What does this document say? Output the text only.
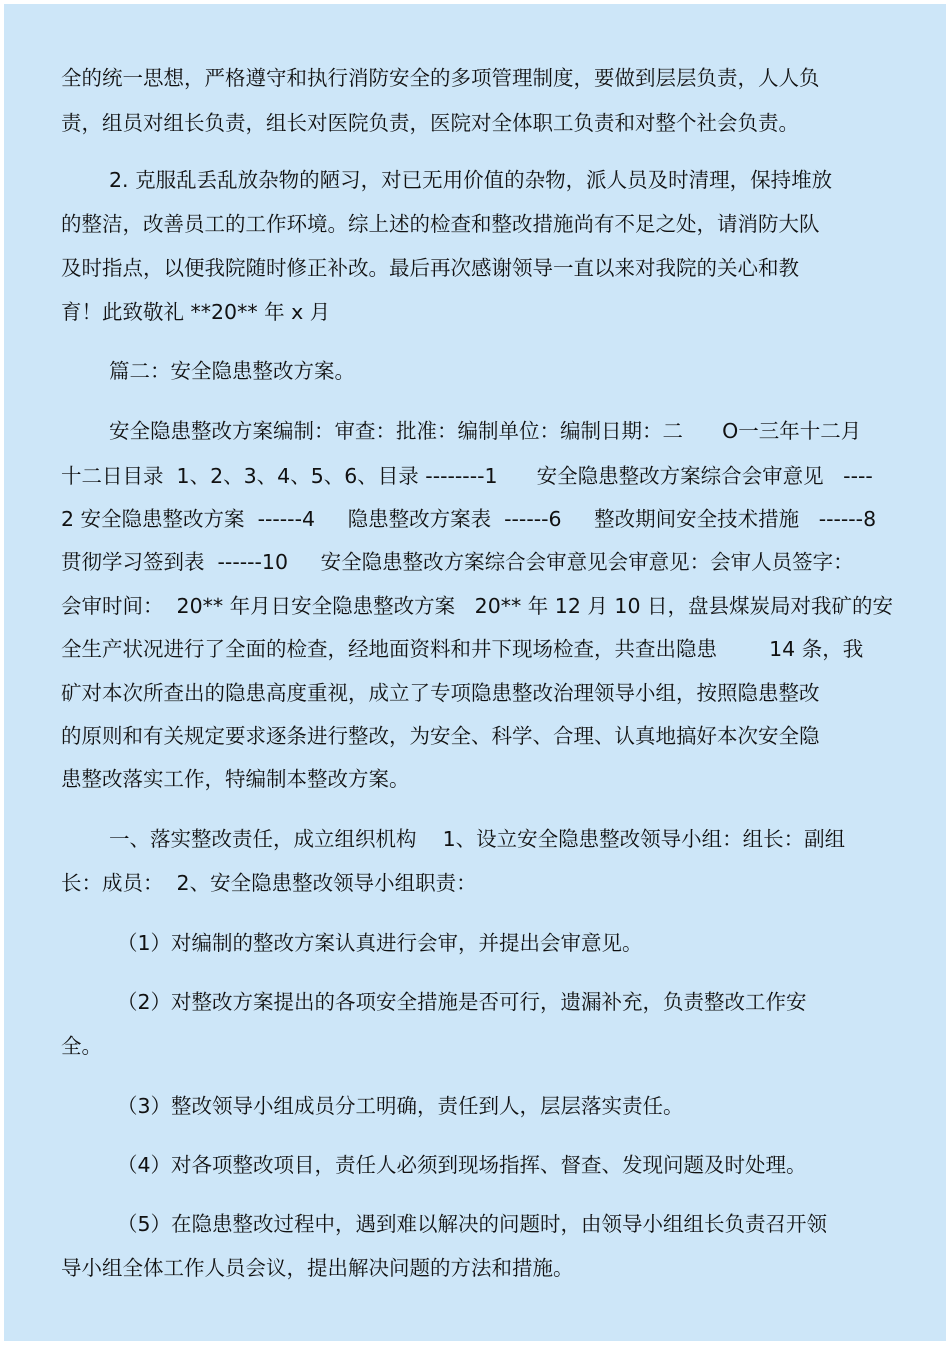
全的统一思想，严格遵守和执行消防安全的多项管理制度，要做到层层负责，人人负

责，组员对组长负责，组长对医院负责，医院对全体职工负责和对整个社会负责。

2. 克服乱丢乱放杂物的陋习，对已无用价值的杂物，派人员及时清理，保持堆放

的整洁，改善员工的工作环境。综上述的检查和整改措施尚有不足之处，请消防大队

及时指点，以便我院随时修正补改。最后再次感谢领导一直以来对我院的关心和教

育！此致敬礼 **20** 年 x 月

篇二：安全隐患整改方案。

安全隐患整改方案编制：审查：批准：编制单位：编制日期：二      O一三年十二月

十二日目录  1、2、3、4、5、6、目录 --------1      安全隐患整改方案综合会审意见   ----

2 安全隐患整改方案  ------4     隐患整改方案表  ------6     整改期间安全技术措施   ------8

贯彻学习签到表  ------10     安全隐患整改方案综合会审意见会审意见：会审人员签字：

会审时间：  20** 年月日安全隐患整改方案   20** 年 12 月 10 日，盘县煤炭局对我矿的安

全生产状况进行了全面的检查，经地面资料和井下现场检查，共查出隐患        14 条，我

矿对本次所查出的隐患高度重视，成立了专项隐患整改治理领导小组，按照隐患整改

的原则和有关规定要求逐条进行整改，为安全、科学、合理、认真地搞好本次安全隐

患整改落实工作，特编制本整改方案。

一、落实整改责任，成立组织机构    1、设立安全隐患整改领导小组：组长：副组

长：成员：  2、安全隐患整改领导小组职责：

（1）对编制的整改方案认真进行会审，并提出会审意见。

（2）对整改方案提出的各项安全措施是否可行，遗漏补充，负责整改工作安

全。

（3）整改领导小组成员分工明确，责任到人，层层落实责任。

（4）对各项整改项目，责任人必须到现场指挥、督查、发现问题及时处理。

（5）在隐患整改过程中，遇到难以解决的问题时，由领导小组组长负责召开领

导小组全体工作人员会议，提出解决问题的方法和措施。
